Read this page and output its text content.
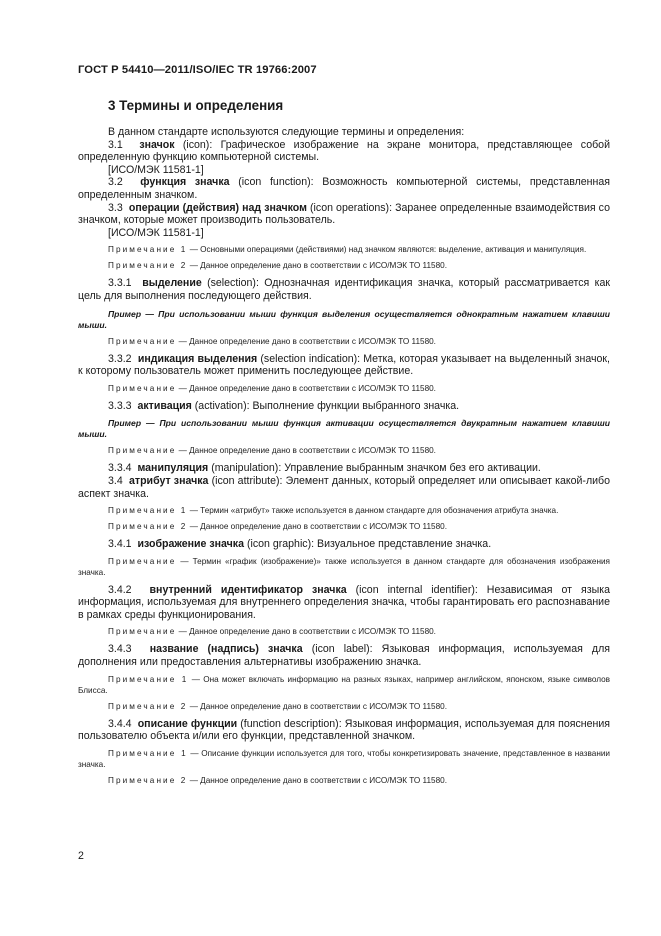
ГОСТ Р 54410—2011/ISO/IEC TR 19766:2007
3 Термины и определения

В данном стандарте используются следующие термины и определения:

3.1 значок (icon): Графическое изображение на экране монитора, представляющее собой определенную функцию компьютерной системы.

[ИСО/МЭК 11581-1]

3.2 функция значка (icon function): Возможность компьютерной системы, представленная определенным значком.

3.3 операции (действия) над значком (icon operations): Заранее определенные взаимодействия со значком, которые может производить пользователь.

[ИСО/МЭК 11581-1]

Примечание 1 — Основными операциями (действиями) над значком являются: выделение, активация и манипуляция.

Примечание 2 — Данное определение дано в соответствии с ИСО/МЭК ТО 11580.

3.3.1 выделение (selection): Однозначная идентификация значка, который рассматривается как цель для выполнения последующего действия.

Пример — При использовании мыши функция выделения осуществляется однократным нажатием клавиши мыши.

Примечание — Данное определение дано в соответствии с ИСО/МЭК ТО 11580.

3.3.2 индикация выделения (selection indication): Метка, которая указывает на выделенный значок, к которому пользователь может применить последующее действие.

Примечание — Данное определение дано в соответствии с ИСО/МЭК ТО 11580.

3.3.3 активация (activation): Выполнение функции выбранного значка.

Пример — При использовании мыши функция активации осуществляется двукратным нажатием клавиши мыши.

Примечание — Данное определение дано в соответствии с ИСО/МЭК ТО 11580.

3.3.4 манипуляция (manipulation): Управление выбранным значком без его активации.

3.4 атрибут значка (icon attribute): Элемент данных, который определяет или описывает какой-либо аспект значка.

Примечание 1 — Термин «атрибут» также используется в данном стандарте для обозначения атрибута значка.

Примечание 2 — Данное определение дано в соответствии с ИСО/МЭК ТО 11580.

3.4.1 изображение значка (icon graphic): Визуальное представление значка.

Примечание — Термин «график (изображение)» также используется в данном стандарте для обозначения изображения значка.

3.4.2 внутренний идентификатор значка (icon internal identifier): Независимая от языка информация, используемая для внутреннего определения значка, чтобы гарантировать его распознавание в рамках среды функционирования.

Примечание — Данное определение дано в соответствии с ИСО/МЭК ТО 11580.

3.4.3 название (надпись) значка (icon label): Языковая информация, используемая для дополнения или предоставления альтернативы изображению значка.

Примечание 1 — Она может включать информацию на разных языках, например английском, японском, языке символов Блисса.

Примечание 2 — Данное определение дано в соответствии с ИСО/МЭК ТО 11580.

3.4.4 описание функции (function description): Языковая информация, используемая для пояснения пользователю объекта и/или его функции, представленной значком.

Примечание 1 — Описание функции используется для того, чтобы конкретизировать значение, представленное в названии значка.

Примечание 2 — Данное определение дано в соответствии с ИСО/МЭК ТО 11580.

2
